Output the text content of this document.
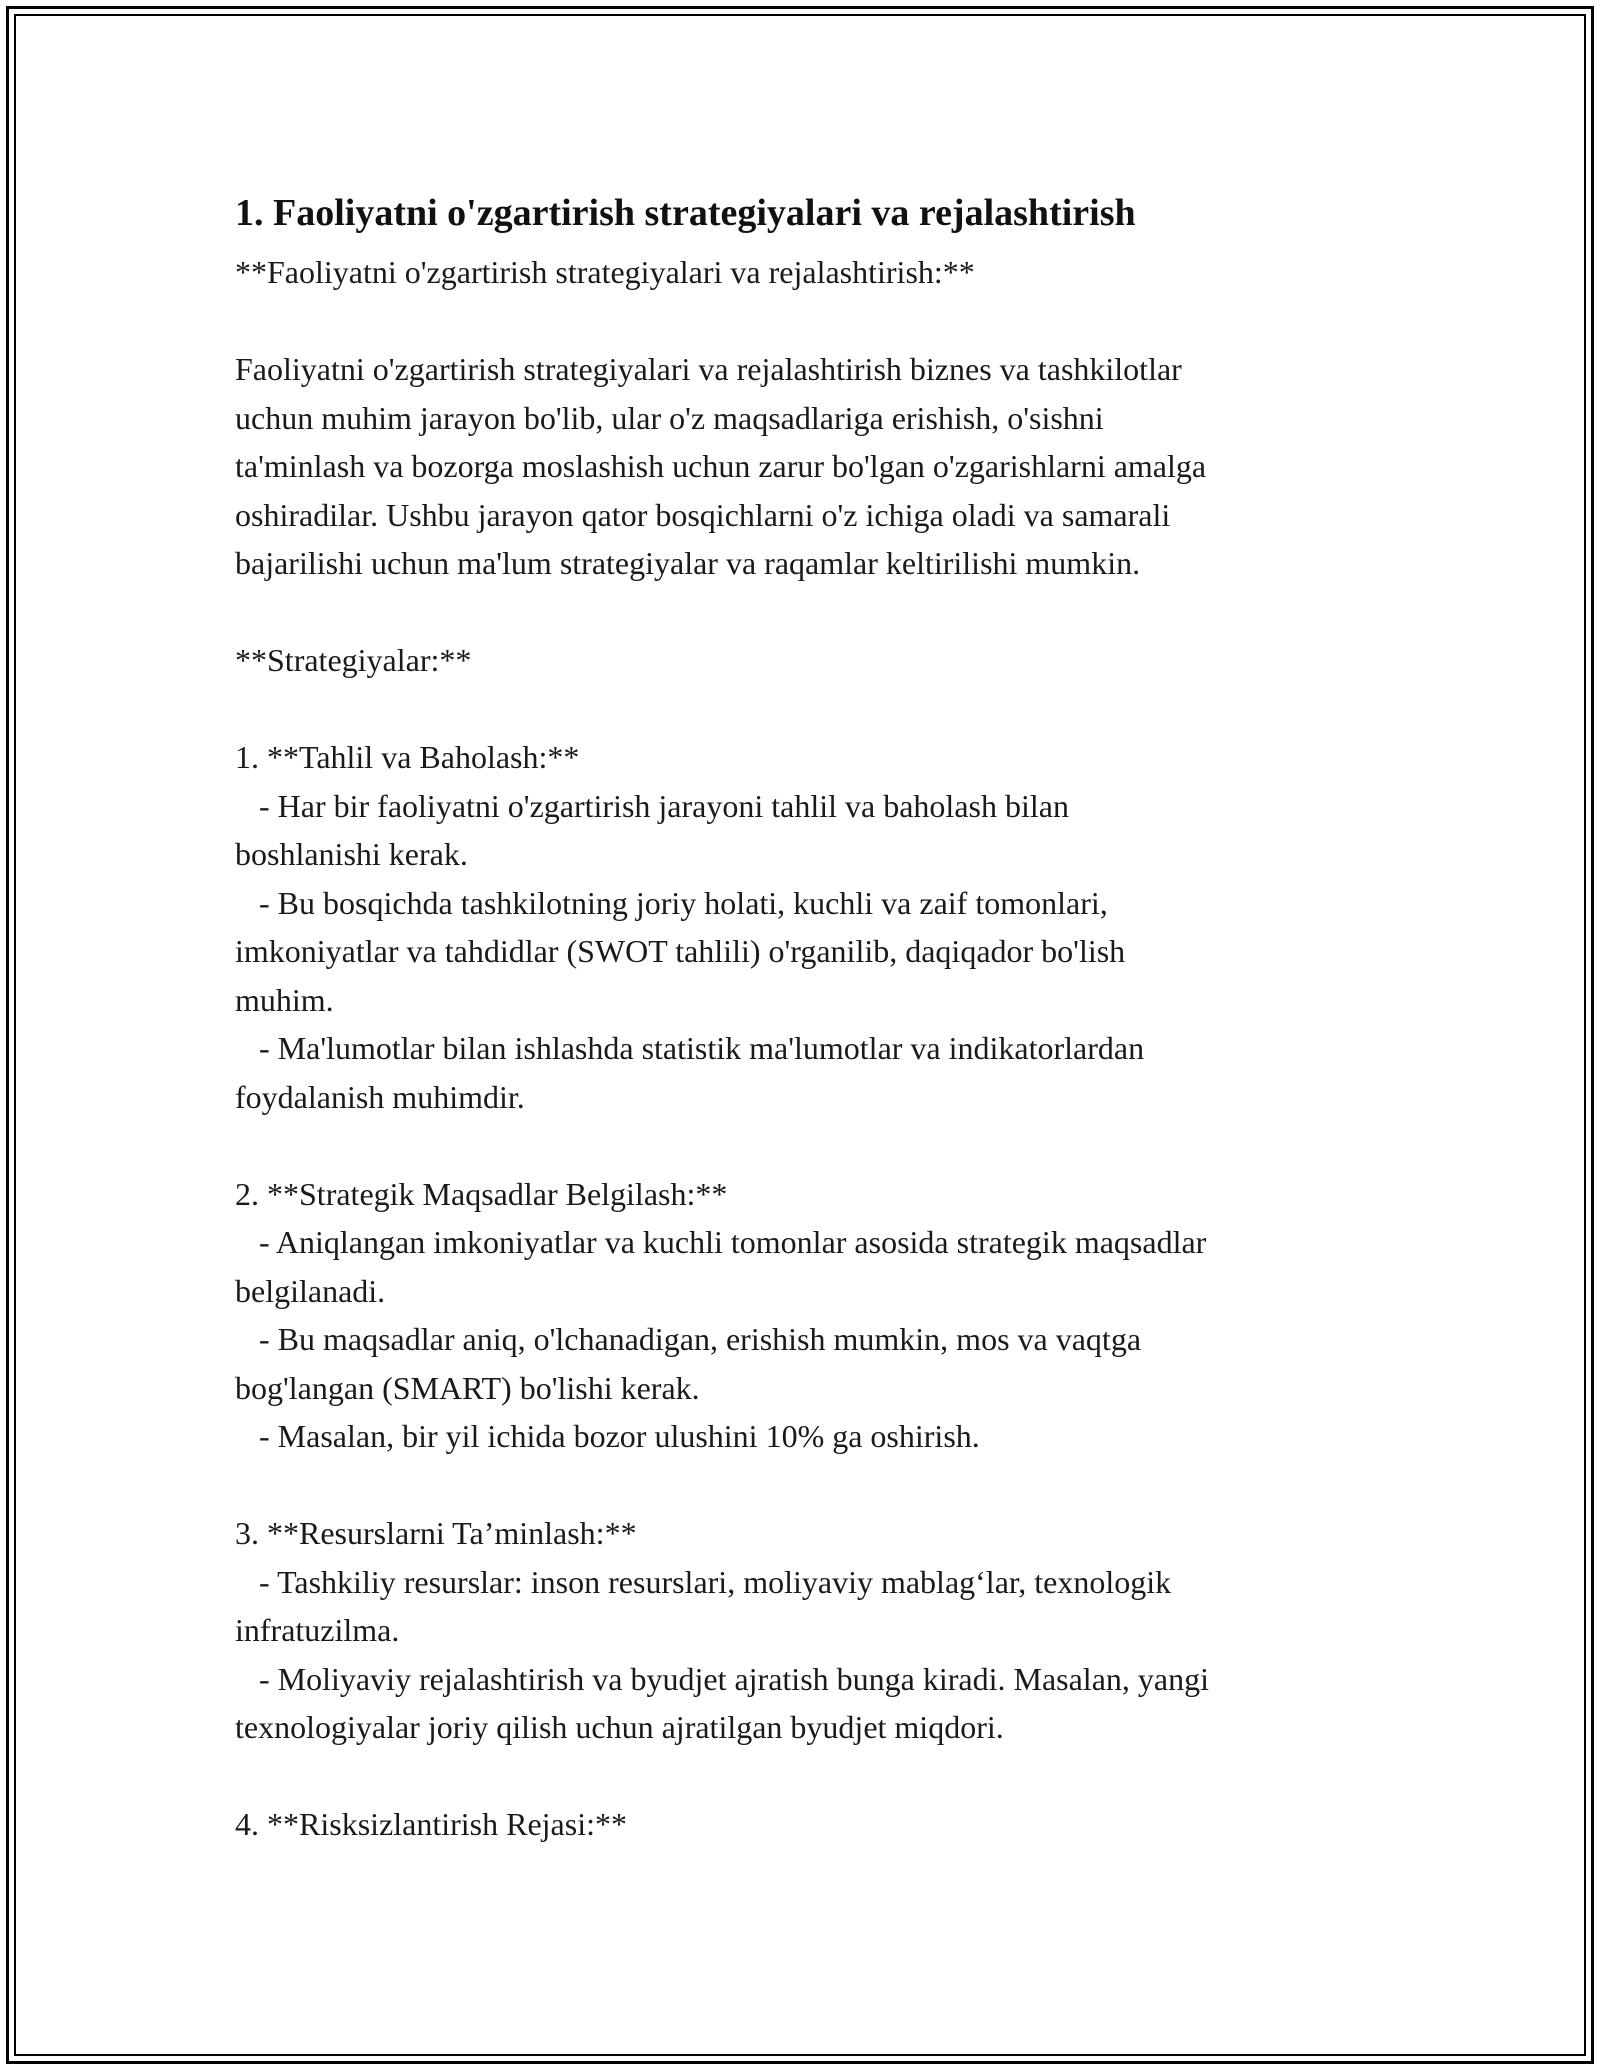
1. Faoliyatni o'zgartirish strategiyalari va rejalashtirish

**Faoliyatni o'zgartirish strategiyalari va rejalashtirish:**

Faoliyatni o'zgartirish strategiyalari va rejalashtirish biznes va tashkilotlar
uchun muhim jarayon bo'lib, ular o'z maqsadlariga erishish, o'sishni
ta'minlash va bozorga moslashish uchun zarur bo'lgan o'zgarishlarni amalga
oshiradilar. Ushbu jarayon qator bosqichlarni o'z ichiga oladi va samarali
bajarilishi uchun ma'lum strategiyalar va raqamlar keltirilishi mumkin.

**Strategiyalar:**

1. **Tahlil va Baholash:**
- Har bir faoliyatni o'zgartirish jarayoni tahlil va baholash bilan
boshlanishi kerak.
- Bu bosqichda tashkilotning joriy holati, kuchli va zaif tomonlari,
imkoniyatlar va tahdidlar (SWOT tahlili) o'rganilib, daqiqador bo'lish
muhim.
- Ma'lumotlar bilan ishlashda statistik ma'lumotlar va indikatorlardan
foydalanish muhimdir.

2. **Strategik Maqsadlar Belgilash:**
- Aniqlangan imkoniyatlar va kuchli tomonlar asosida strategik maqsadlar
belgilanadi.
- Bu maqsadlar aniq, o'lchanadigan, erishish mumkin, mos va vaqtga
bog'langan (SMART) bo'lishi kerak.
- Masalan, bir yil ichida bozor ulushini 10% ga oshirish.

3. **Resurslarni Ta’minlash:**
- Tashkiliy resurslar: inson resurslari, moliyaviy mablag‘lar, texnologik
infratuzilma.
- Moliyaviy rejalashtirish va byudjet ajratish bunga kiradi. Masalan, yangi
texnologiyalar joriy qilish uchun ajratilgan byudjet miqdori.

4. **Risksizlantirish Rejasi:**
